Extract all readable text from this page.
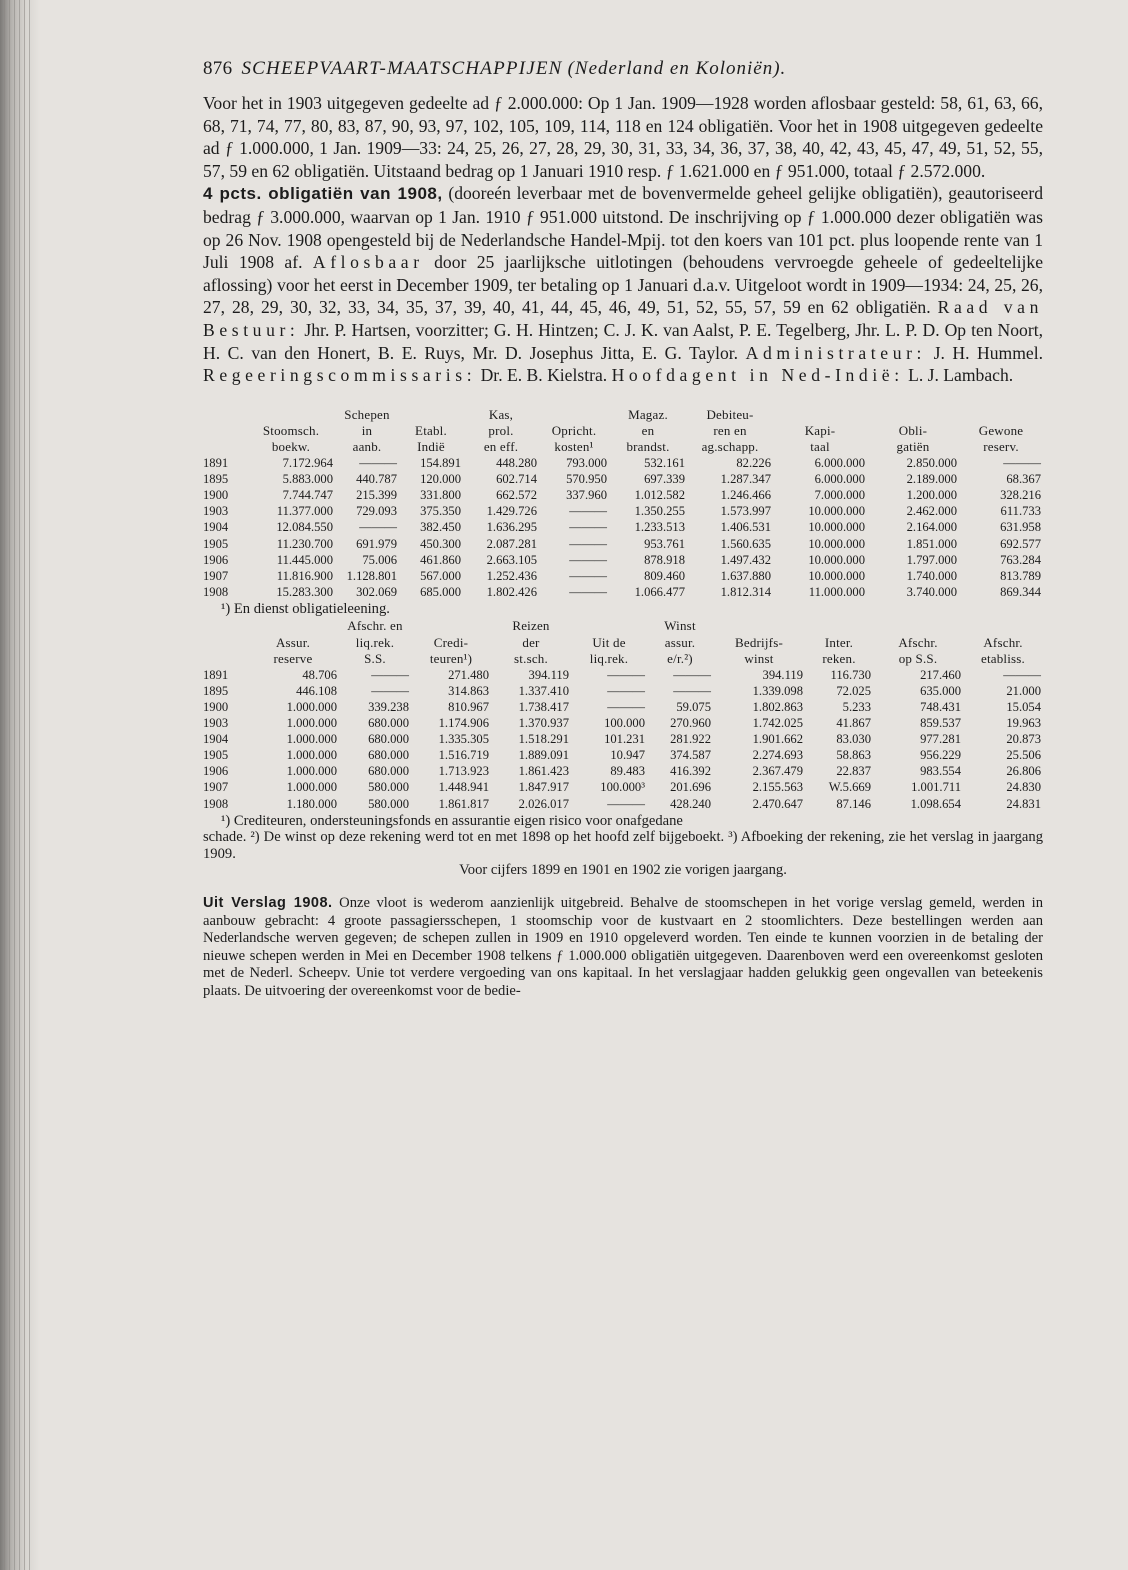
876 SCHEEPVAART-MAATSCHAPPIJEN (Nederland en Koloniën).

Voor het in 1903 uitgegeven gedeelte ad ƒ 2.000.000: Op 1 Jan. 1909—1928 worden aflosbaar gesteld: 58, 61, 63, 66, 68, 71, 74, 77, 80, 83, 87, 90, 93, 97, 102, 105, 109, 114, 118 en 124 obligatiën. Voor het in 1908 uitgegeven gedeelte ad ƒ 1.000.000, 1 Jan. 1909—33: 24, 25, 26, 27, 28, 29, 30, 31, 33, 34, 36, 37, 38, 40, 42, 43, 45, 47, 49, 51, 52, 55, 57, 59 en 62 obligatiën. Uitstaand bedrag op 1 Januari 1910 resp. ƒ 1.621.000 en ƒ 951.000, totaal ƒ 2.572.000.

4 pcts. obligatiën van 1908, (dooreén leverbaar met de bovenvermelde geheel gelijke obligatiën), geautoriseerd bedrag ƒ 3.000.000, waarvan op 1 Jan. 1910 ƒ 951.000 uitstond. De inschrijving op ƒ 1.000.000 dezer obligatiën was op 26 Nov. 1908 opengesteld bij de Nederlandsche Handel-Mpij. tot den koers van 101 pct. plus loopende rente van 1 Juli 1908 af. Aflosbaar door 25 jaarlijksche uitlotingen (behoudens vervroegde geheele of gedeeltelijke aflossing) voor het eerst in December 1909, ter betaling op 1 Januari d.a.v. Uitgeloot wordt in 1909—1934: 24, 25, 26, 27, 28, 29, 30, 32, 33, 34, 35, 37, 39, 40, 41, 44, 45, 46, 49, 51, 52, 55, 57, 59 en 62 obligatiën. Raad van Bestuur: Jhr. P. Hartsen, voorzitter; G. H. Hintzen; C. J. K. van Aalst, P. E. Tegelberg, Jhr. L. P. D. Op ten Noort, H. C. van den Honert, B. E. Ruys, Mr. D. Josephus Jitta, E. G. Taylor. Administrateur: J. H. Hummel. Regeeringscommissaris: Dr. E. B. Kielstra. Hoofdagent in Ned-Indië: L. J. Lambach.

		Schepen		Kas,		Magaz.	Debiteu-			
	Stoomsch.	in	Etabl.	prol.	Opricht.	en	ren en	Kapi-	Obli-	Gewone
	boekw.	aanb.	Indië	en eff.	kosten¹	brandst.	ag.schapp.	taal	gatiën	reserv.
1891	7.172.964	———	154.891	448.280	793.000	532.161	82.226	6.000.000	2.850.000	———
1895	5.883.000	440.787	120.000	602.714	570.950	697.339	1.287.347	6.000.000	2.189.000	68.367
1900	7.744.747	215.399	331.800	662.572	337.960	1.012.582	1.246.466	7.000.000	1.200.000	328.216
1903	11.377.000	729.093	375.350	1.429.726	———	1.350.255	1.573.997	10.000.000	2.462.000	611.733
1904	12.084.550	———	382.450	1.636.295	———	1.233.513	1.406.531	10.000.000	2.164.000	631.958
1905	11.230.700	691.979	450.300	2.087.281	———	953.761	1.560.635	10.000.000	1.851.000	692.577
1906	11.445.000	75.006	461.860	2.663.105	———	878.918	1.497.432	10.000.000	1.797.000	763.284
1907	11.816.900	1.128.801	567.000	1.252.436	———	809.460	1.637.880	10.000.000	1.740.000	813.789
1908	15.283.300	302.069	685.000	1.802.426	———	1.066.477	1.812.314	11.000.000	3.740.000	869.344

¹) En dienst obligatieleening.

		Afschr. en		Reizen		Winst				
	Assur.	liq.rek.	Credi-	der	Uit de	assur.	Bedrijfs-	Inter.	Afschr.	Afschr.
	reserve	S.S.	teuren¹)	st.sch.	liq.rek.	e/r.²)	winst	reken.	op S.S.	etabliss.
1891	48.706	———	271.480	394.119	———	———	394.119	116.730	217.460	———
1895	446.108	———	314.863	1.337.410	———	———	1.339.098	72.025	635.000	21.000
1900	1.000.000	339.238	810.967	1.738.417	———	59.075	1.802.863	5.233	748.431	15.054
1903	1.000.000	680.000	1.174.906	1.370.937	100.000	270.960	1.742.025	41.867	859.537	19.963
1904	1.000.000	680.000	1.335.305	1.518.291	101.231	281.922	1.901.662	83.030	977.281	20.873
1905	1.000.000	680.000	1.516.719	1.889.091	10.947	374.587	2.274.693	58.863	956.229	25.506
1906	1.000.000	680.000	1.713.923	1.861.423	89.483	416.392	2.367.479	22.837	983.554	26.806
1907	1.000.000	580.000	1.448.941	1.847.917	100.000³	201.696	2.155.563	W.5.669	1.001.711	24.830
1908	1.180.000	580.000	1.861.817	2.026.017	———	428.240	2.470.647	87.146	1.098.654	24.831

¹) Crediteuren, ondersteuningsfonds en assurantie eigen risico voor onafgedane

schade. ²) De winst op deze rekening werd tot en met 1898 op het hoofd zelf bijgeboekt. ³) Afboeking der rekening, zie het verslag in jaargang 1909.

Voor cijfers 1899 en 1901 en 1902 zie vorigen jaargang.

Uit Verslag 1908. Onze vloot is wederom aanzienlijk uitgebreid. Behalve de stoomschepen in het vorige verslag gemeld, werden in aanbouw gebracht: 4 groote passagiersschepen, 1 stoomschip voor de kustvaart en 2 stoomlichters. Deze bestellingen werden aan Nederlandsche werven gegeven; de schepen zullen in 1909 en 1910 opgeleverd worden. Ten einde te kunnen voorzien in de betaling der nieuwe schepen werden in Mei en December 1908 telkens ƒ 1.000.000 obligatiën uitgegeven. Daarenboven werd een overeenkomst gesloten met de Nederl. Scheepv. Unie tot verdere vergoeding van ons kapitaal. In het verslagjaar hadden gelukkig geen ongevallen van beteekenis plaats. De uitvoering der overeenkomst voor de bedie-
